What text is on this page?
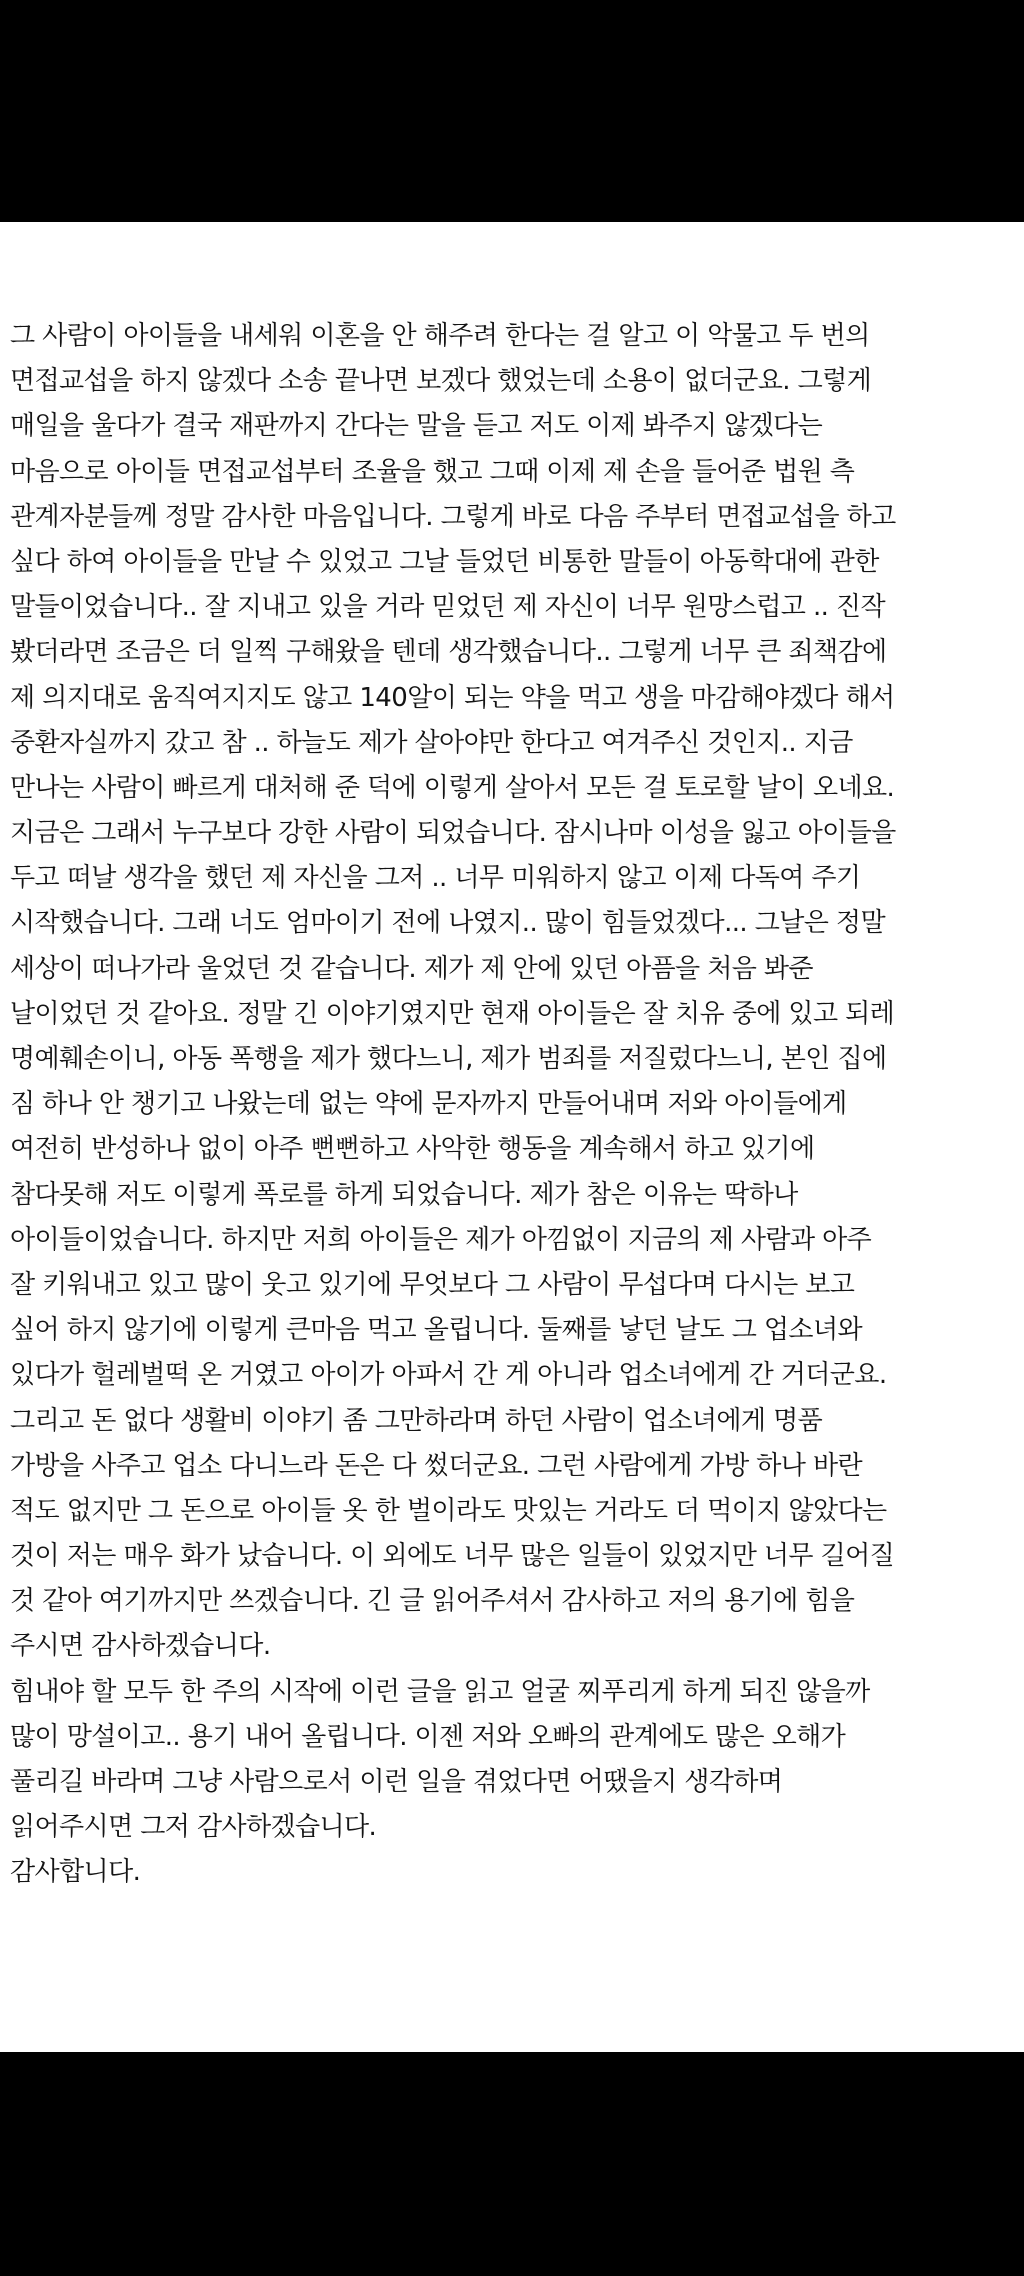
그 사람이 아이들을 내세워 이혼을 안 해주려 한다는 걸 알고 이 악물고 두 번의
면접교섭을 하지 않겠다 소송 끝나면 보겠다 했었는데 소용이 없더군요. 그렇게
매일을 울다가 결국 재판까지 간다는 말을 듣고 저도 이제 봐주지 않겠다는
마음으로 아이들 면접교섭부터 조율을 했고 그때 이제 제 손을 들어준 법원 측
관계자분들께 정말 감사한 마음입니다. 그렇게 바로 다음 주부터 면접교섭을 하고
싶다 하여 아이들을 만날 수 있었고 그날 들었던 비통한 말들이 아동학대에 관한
말들이었습니다.. 잘 지내고 있을 거라 믿었던 제 자신이 너무 원망스럽고 .. 진작
봤더라면 조금은 더 일찍 구해왔을 텐데 생각했습니다.. 그렇게 너무 큰 죄책감에
제 의지대로 움직여지지도 않고 140알이 되는 약을 먹고 생을 마감해야겠다 해서
중환자실까지 갔고 참 .. 하늘도 제가 살아야만 한다고 여겨주신 것인지.. 지금
만나는 사람이 빠르게 대처해 준 덕에 이렇게 살아서 모든 걸 토로할 날이 오네요.
지금은 그래서 누구보다 강한 사람이 되었습니다. 잠시나마 이성을 잃고 아이들을
두고 떠날 생각을 했던 제 자신을 그저 .. 너무 미워하지 않고 이제 다독여 주기
시작했습니다. 그래 너도 엄마이기 전에 나였지.. 많이 힘들었겠다... 그날은 정말
세상이 떠나가라 울었던 것 같습니다. 제가 제 안에 있던 아픔을 처음 봐준
날이었던 것 같아요. 정말 긴 이야기였지만 현재 아이들은 잘 치유 중에 있고 되레
명예훼손이니, 아동 폭행을 제가 했다느니, 제가 범죄를 저질렀다느니, 본인 집에
짐 하나 안 챙기고 나왔는데 없는 약에 문자까지 만들어내며 저와 아이들에게
여전히 반성하나 없이 아주 뻔뻔하고 사악한 행동을 계속해서 하고 있기에
참다못해 저도 이렇게 폭로를 하게 되었습니다. 제가 참은 이유는 딱하나
아이들이었습니다. 하지만 저희 아이들은 제가 아낌없이 지금의 제 사람과 아주
잘 키워내고 있고 많이 웃고 있기에 무엇보다 그 사람이 무섭다며 다시는 보고
싶어 하지 않기에 이렇게 큰마음 먹고 올립니다. 둘째를 낳던 날도 그 업소녀와
있다가 헐레벌떡 온 거였고 아이가 아파서 간 게 아니라 업소녀에게 간 거더군요.
그리고 돈 없다 생활비 이야기 좀 그만하라며 하던 사람이 업소녀에게 명품
가방을 사주고 업소 다니느라 돈은 다 썼더군요. 그런 사람에게 가방 하나 바란
적도 없지만 그 돈으로 아이들 옷 한 벌이라도 맛있는 거라도 더 먹이지 않았다는
것이 저는 매우 화가 났습니다. 이 외에도 너무 많은 일들이 있었지만 너무 길어질
것 같아 여기까지만 쓰겠습니다. 긴 글 읽어주셔서 감사하고 저의 용기에 힘을
주시면 감사하겠습니다.
힘내야 할 모두 한 주의 시작에 이런 글을 읽고 얼굴 찌푸리게 하게 되진 않을까
많이 망설이고.. 용기 내어 올립니다. 이젠 저와 오빠의 관계에도 많은 오해가
풀리길 바라며 그냥 사람으로서 이런 일을 겪었다면 어땠을지 생각하며
읽어주시면 그저 감사하겠습니다.
감사합니다.
